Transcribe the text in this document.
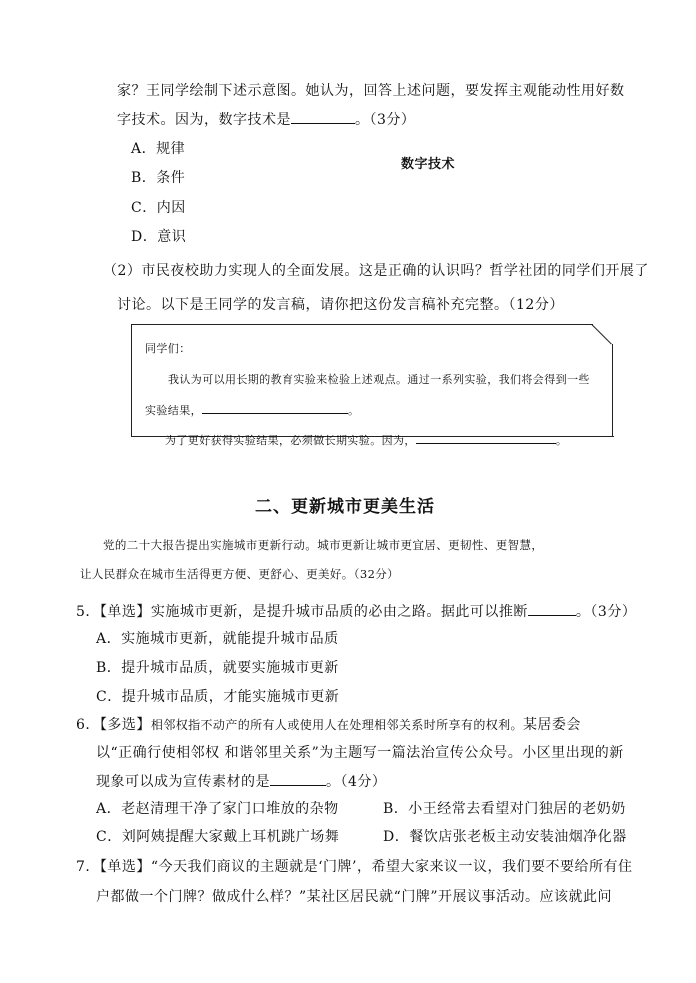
家？王同学绘制下述示意图。她认为，回答上述问题，要发挥主观能动性用好数
字技术。因为，数字技术是	。（3分）
A．规律
B．条件
C．内因
D．意识
数字技术
（2）市民夜校助力实现人的全面发展。这是正确的认识吗？哲学社团的同学们开展了
讨论。以下是王同学的发言稿，请你把这份发言稿补充完整。（12分）
同学们：
我认为可以用长期的教育实验来检验上述观点。通过一系列实验，我们将会得到一些
实验结果，	。
为了更好获得实验结果，必须做长期实验。因为，	。
二、更新城市更美生活
党的二十大报告提出实施城市更新行动。城市更新让城市更宜居、更韧性、更智慧，
让人民群众在城市生活得更方便、更舒心、更美好。（32分）
5．【单选】实施城市更新，是提升城市品质的必由之路。据此可以推断	。（3分）
A．实施城市更新，就能提升城市品质
B．提升城市品质，就要实施城市更新
C．提升城市品质，才能实施城市更新
6．【多选】相邻权指不动产的所有人或使用人在处理相邻关系时所享有的权利。某居委会
以“正确行使相邻权 和谐邻里关系”为主题写一篇法治宣传公众号。小区里出现的新
现象可以成为宣传素材的是	。（4分）
A．老赵清理干净了家门口堆放的杂物	B．小王经常去看望对门独居的老奶奶
C．刘阿姨提醒大家戴上耳机跳广场舞	D．餐饮店张老板主动安装油烟净化器
7．【单选】“今天我们商议的主题就是‘门牌’，希望大家来议一议，我们要不要给所有住
户都做一个门牌？做成什么样？”某社区居民就“门牌”开展议事活动。应该就此问
